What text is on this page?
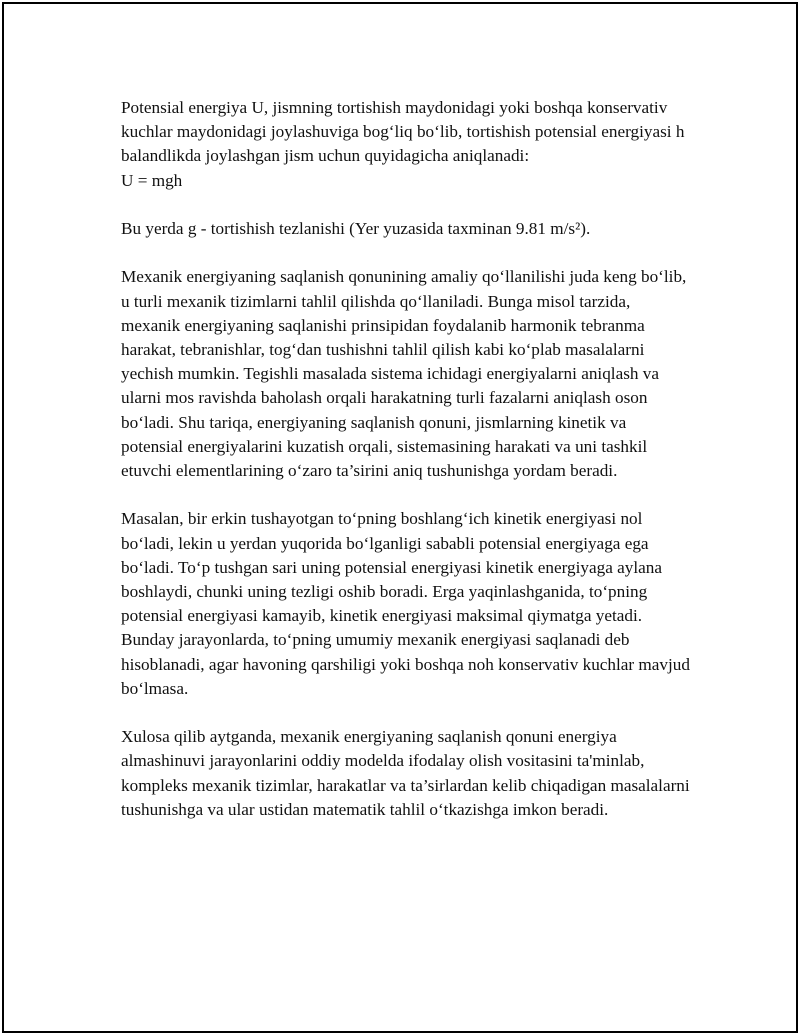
Potensial energiya U, jismning tortishish maydonidagi yoki boshqa konservativ kuchlar maydonidagi joylashuviga bog‘liq bo‘lib, tortishish potensial energiyasi h balandlikda joylashgan jism uchun quyidagicha aniqlanadi:

U = mgh

Bu yerda g - tortishish tezlanishi (Yer yuzasida taxminan 9.81 m/s²).

Mexanik energiyaning saqlanish qonunining amaliy qo‘llanilishi juda keng bo‘lib, u turli mexanik tizimlarni tahlil qilishda qo‘llaniladi. Bunga misol tarzida, mexanik energiyaning saqlanishi prinsipidan foydalanib harmonik tebranma harakat, tebranishlar, tog‘dan tushishni tahlil qilish kabi ko‘plab masalalarni yechish mumkin. Tegishli masalada sistema ichidagi energiyalarni aniqlash va ularni mos ravishda baholash orqali harakatning turli fazalarni aniqlash oson bo‘ladi. Shu tariqa, energiyaning saqlanish qonuni, jismlarning kinetik va potensial energiyalarini kuzatish orqali, sistemasining harakati va uni tashkil etuvchi elementlarining o‘zaro ta’sirini aniq tushunishga yordam beradi.

Masalan, bir erkin tushayotgan to‘pning boshlang‘ich kinetik energiyasi nol bo‘ladi, lekin u yerdan yuqorida bo‘lganligi sababli potensial energiyaga ega bo‘ladi. To‘p tushgan sari uning potensial energiyasi kinetik energiyaga aylana boshlaydi, chunki uning tezligi oshib boradi. Erga yaqinlashganida, to‘pning potensial energiyasi kamayib, kinetik energiyasi maksimal qiymatga yetadi. Bunday jarayonlarda, to‘pning umumiy mexanik energiyasi saqlanadi deb hisoblanadi, agar havoning qarshiligi yoki boshqa noh konservativ kuchlar mavjud bo‘lmasa.

Xulosa qilib aytganda, mexanik energiyaning saqlanish qonuni energiya almashinuvi jarayonlarini oddiy modelda ifodalay olish vositasini ta'minlab, kompleks mexanik tizimlar, harakatlar va ta’sirlardan kelib chiqadigan masalalarni tushunishga va ular ustidan matematik tahlil o‘tkazishga imkon beradi.
